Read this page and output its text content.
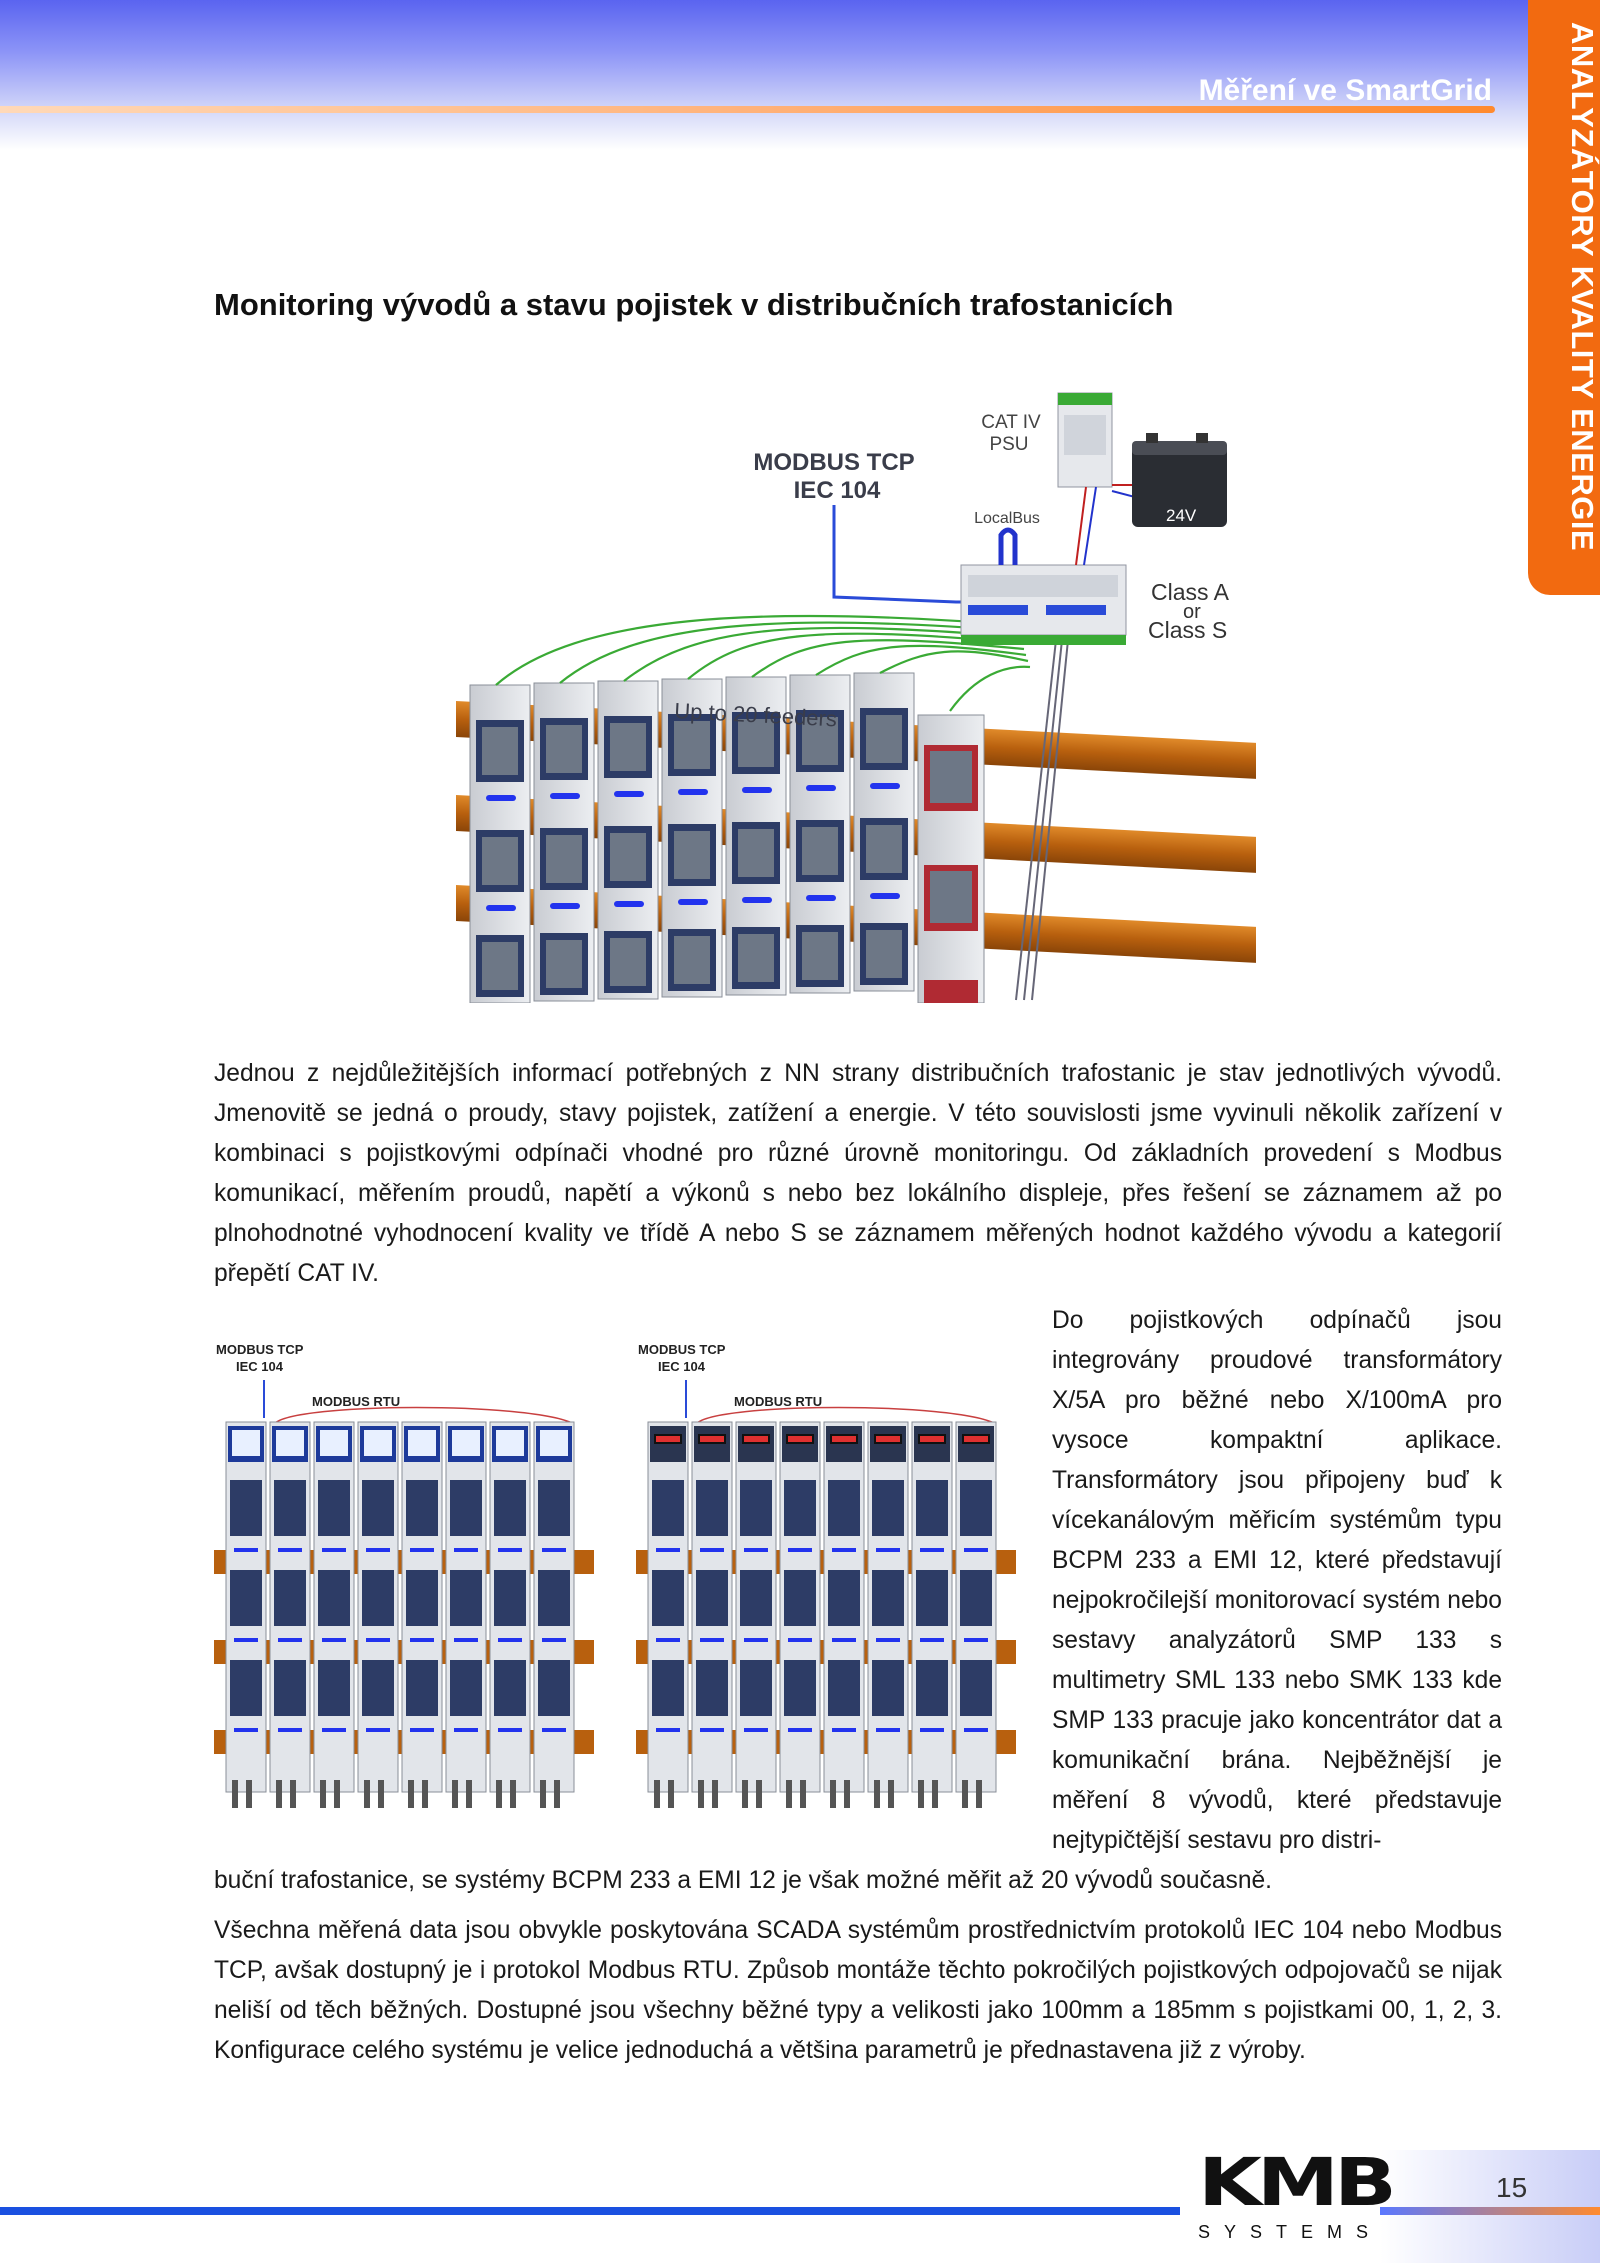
Měření ve SmartGrid ANALYZÁTORY KVALITY ENERGIE
Monitoring vývodů a stavu pojistek v distribučních trafostanicích
MODBUS TCP
IEC 104
CAT IV
PSU
LocalBus	24V
Class A
or
Class S
Up to 20 feeders

Jednou z nejdůležitějších informací potřebných z NN strany distribučních trafostanic je stav jednotlivých vývodů. Jmenovitě se jedná o proudy, stavy pojistek, zatížení a energie. V této souvislosti jsme vyvinuli několik zařízení v kombinaci s pojistkovými odpínači vhodné pro různé úrovně monitoringu. Od základních provedení s Modbus komunikací, měřením proudů, napětí a výkonů s nebo bez lokálního displeje, přes řešení se záznamem až po plnohodnotné vyhodnocení kvality ve třídě A nebo S se záznamem měřených hodnot každého vývodu a kategorií přepětí CAT IV.

MODBUS TCP
IEC 104
MODBUS RTU
MODBUS TCP
IEC 104
MODBUS RTU

Do pojistkových odpínačů jsou integrovány proudové transformátory X/5A pro běžné nebo X/100mA pro vysoce kompaktní aplikace. Transformátory jsou připojeny buď k vícekanálovým měřicím systémům typu BCPM 233 a EMI 12, které představují nejpokročilejší monitorovací systém nebo sestavy analyzátorů SMP 133 s multimetry SML 133 nebo SMK 133 kde SMP 133 pracuje jako koncentrátor dat a komunikační brána. Nejběžnější je měření 8 vývodů, které představuje nejtypičtější sestavu pro distri-

buční trafostanice, se systémy BCPM 233 a EMI 12 je však možné měřit až 20 vývodů současně.

Všechna měřená data jsou obvykle poskytována SCADA systémům prostřednictvím protokolů IEC 104 nebo Modbus TCP, avšak dostupný je i protokol Modbus RTU. Způsob montáže těchto pokročilých pojistkových odpojovačů se nijak neliší od těch běžných. Dostupné jsou všechny běžné typy a velikosti jako 100mm a 185mm s pojistkami 00, 1, 2, 3. Konfigurace celého systému je velice jednoduchá a většina parametrů je přednastavena již z výroby.

KMB
SYSTEMS
15
